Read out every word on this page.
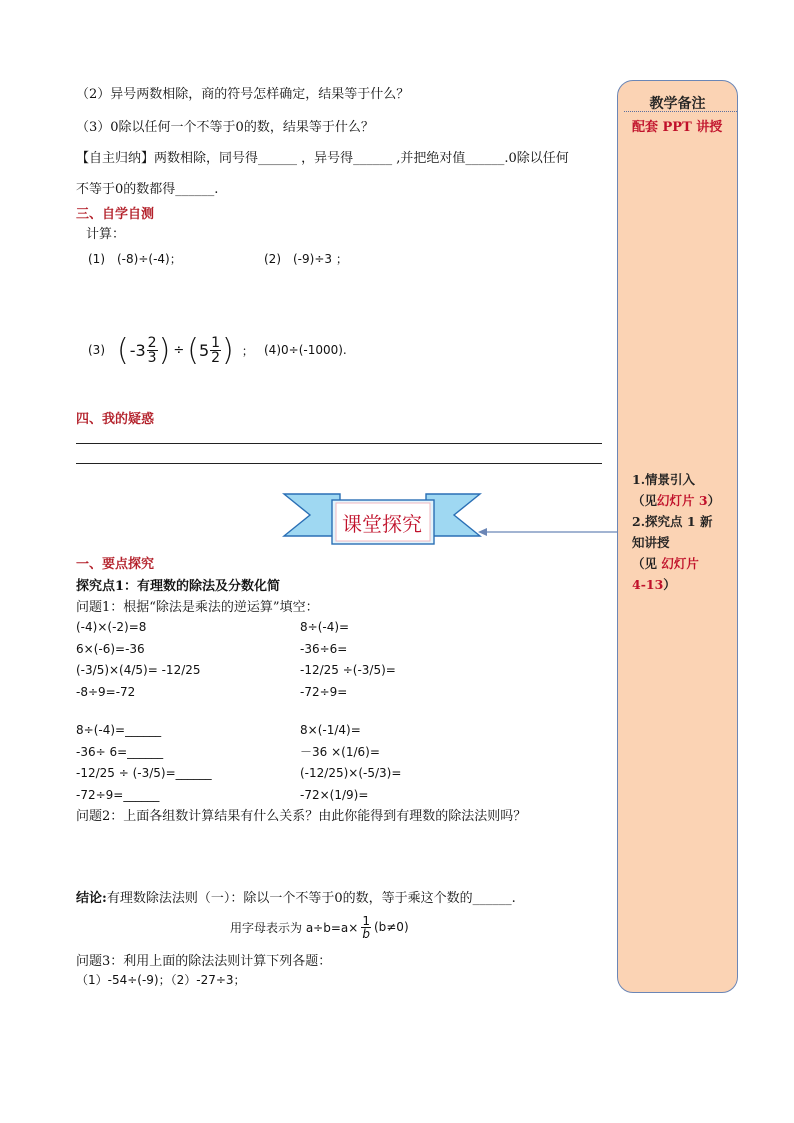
（2）异号两数相除，商的符号怎样确定，结果等于什么？
（3）0除以任何一个不等于0的数，结果等于什么？
【自主归纳】两数相除，同号得______ ，异号得______ ,并把绝对值______.0除以任何
不等于0的数都得______.
三、自学自测
计算：
(1)　(-8)÷(-4)；	(2)　(-9)÷3 ；
(3) ( $-3 \frac{2}{3}$ ) ÷ ( $5 \frac{1}{2}$ ) ； (4)0÷(-1000).
四、我的疑惑
课堂探究
一、要点探究
探究点1：有理数的除法及分数化简
问题1：根据“除法是乘法的逆运算”填空：
(-4)×(-2)=8
6×(-6)=-36
(-3/5)×(4/5)= -12/25
-8÷9=-72
8÷(-4)=
-36÷6=
-12/25 ÷(-3/5)=
-72÷9=
8÷(-4)=______
-36÷ 6=______
-12/25 ÷ (-3/5)=______
-72÷9=______
8×(-1/4)=
－36 ×(1/6)=
(-12/25)×(-5/3)=
-72×(1/9)=
问题2：上面各组数计算结果有什么关系？由此你能得到有理数的除法法则吗？
结论:有理数除法法则（一）：除以一个不等于0的数，等于乘这个数的______.
用字母表示为 $a\div b=a\times \frac{1}{b} (b\ne 0)$
问题3：利用上面的除法法则计算下列各题：
（1）-54÷(-9)；（2）-27÷3；
教学备注
配套 PPT 讲授
1.情景引入
（见幻灯片 3）
2.探究点 1 新
知讲授
（见 幻灯片
4-13）
